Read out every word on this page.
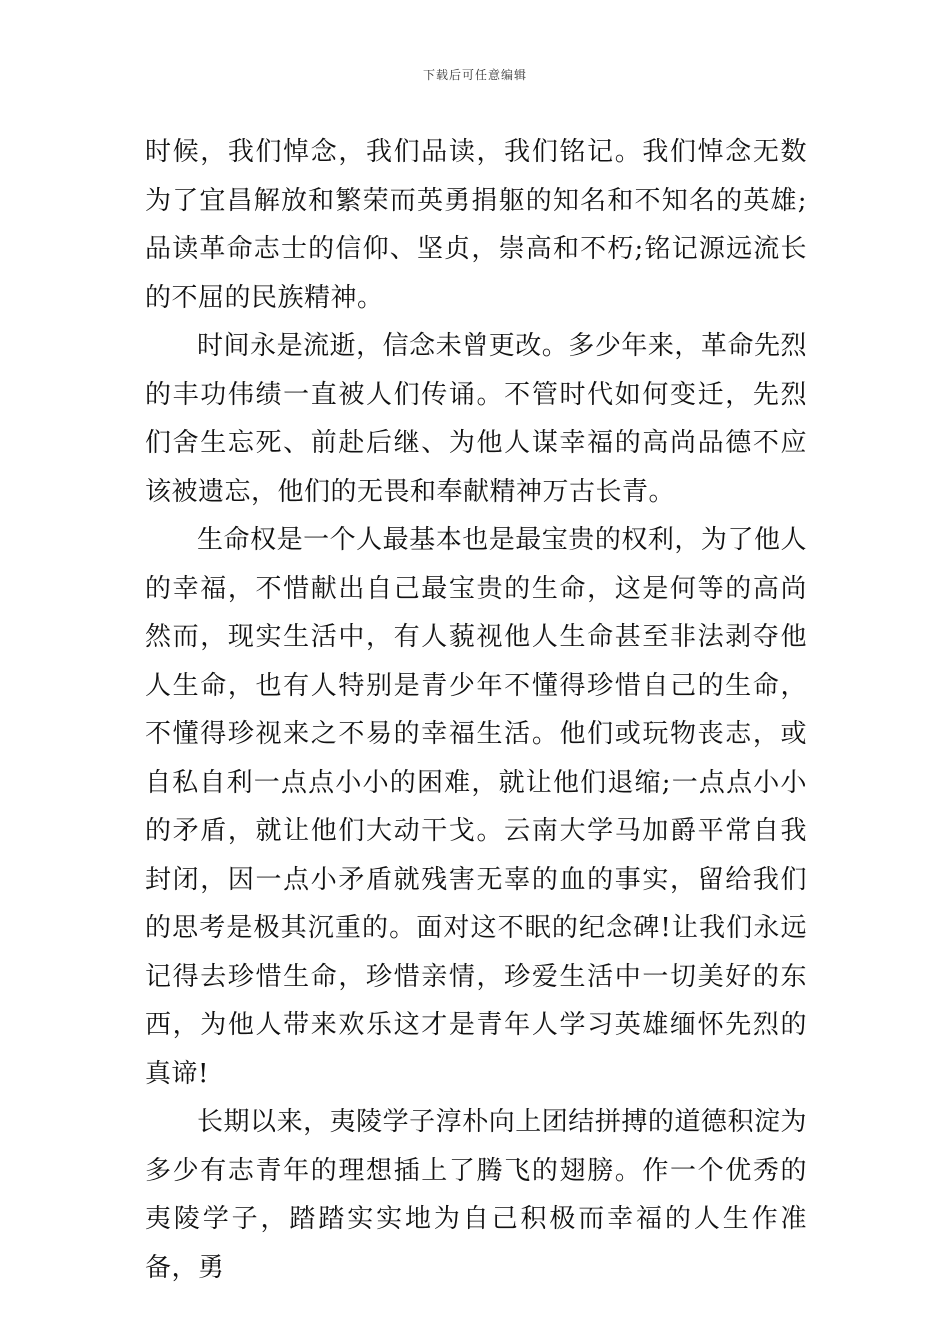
下载后可任意编辑

时候，我们悼念，我们品读，我们铭记。我们悼念无数为了宜昌解放和繁荣而英勇捐躯的知名和不知名的英雄;品读革命志士的信仰、坚贞，崇高和不朽;铭记源远流长的不屈的民族精神。

时间永是流逝，信念未曾更改。多少年来，革命先烈的丰功伟绩一直被人们传诵。不管时代如何变迁，先烈们舍生忘死、前赴后继、为他人谋幸福的高尚品德不应该被遗忘，他们的无畏和奉献精神万古长青。

生命权是一个人最基本也是最宝贵的权利，为了他人的幸福，不惜献出自己最宝贵的生命，这是何等的高尚然而，现实生活中，有人藐视他人生命甚至非法剥夺他人生命，也有人特别是青少年不懂得珍惜自己的生命，不懂得珍视来之不易的幸福生活。他们或玩物丧志，或自私自利一点点小小的困难，就让他们退缩;一点点小小的矛盾，就让他们大动干戈。云南大学马加爵平常自我封闭，因一点小矛盾就残害无辜的血的事实，留给我们的思考是极其沉重的。面对这不眠的纪念碑!让我们永远记得去珍惜生命，珍惜亲情，珍爱生活中一切美好的东西，为他人带来欢乐这才是青年人学习英雄缅怀先烈的真谛!

长期以来，夷陵学子淳朴向上团结拼搏的道德积淀为多少有志青年的理想插上了腾飞的翅膀。作一个优秀的夷陵学子，踏踏实实地为自己积极而幸福的人生作准备，勇
